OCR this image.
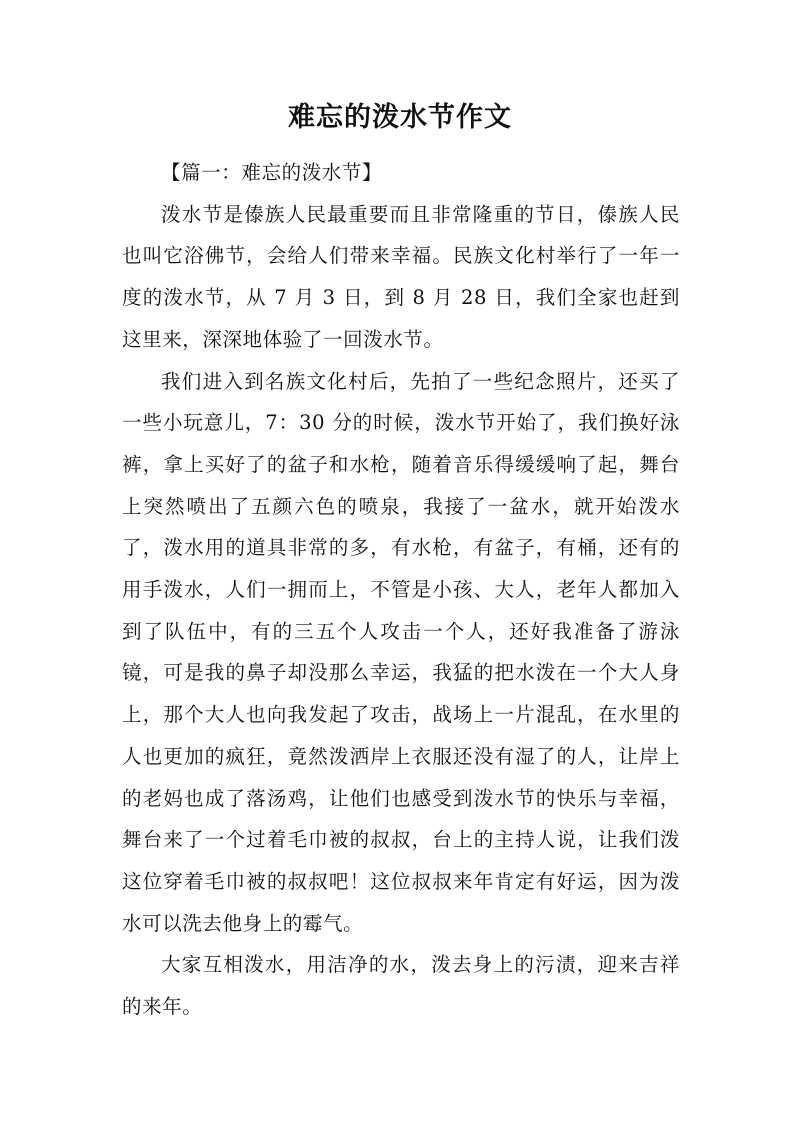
难忘的泼水节作文

【篇一：难忘的泼水节】

泼水节是傣族人民最重要而且非常隆重的节日，傣族人民也叫它浴佛节，会给人们带来幸福。民族文化村举行了一年一度的泼水节，从 7 月 3 日，到 8 月 28 日，我们全家也赶到这里来，深深地体验了一回泼水节。

我们进入到名族文化村后，先拍了一些纪念照片，还买了一些小玩意儿，7：30 分的时候，泼水节开始了，我们换好泳裤，拿上买好了的盆子和水枪，随着音乐得缓缓响了起，舞台上突然喷出了五颜六色的喷泉，我接了一盆水，就开始泼水了，泼水用的道具非常的多，有水枪，有盆子，有桶，还有的用手泼水，人们一拥而上，不管是小孩、大人，老年人都加入到了队伍中，有的三五个人攻击一个人，还好我准备了游泳镜，可是我的鼻子却没那么幸运，我猛的把水泼在一个大人身上，那个大人也向我发起了攻击，战场上一片混乱，在水里的人也更加的疯狂，竟然泼洒岸上衣服还没有湿了的人，让岸上的老妈也成了落汤鸡，让他们也感受到泼水节的快乐与幸福，舞台来了一个过着毛巾被的叔叔，台上的主持人说，让我们泼这位穿着毛巾被的叔叔吧！这位叔叔来年肯定有好运，因为泼水可以洗去他身上的霉气。

大家互相泼水，用洁净的水，泼去身上的污渍，迎来吉祥的来年。
